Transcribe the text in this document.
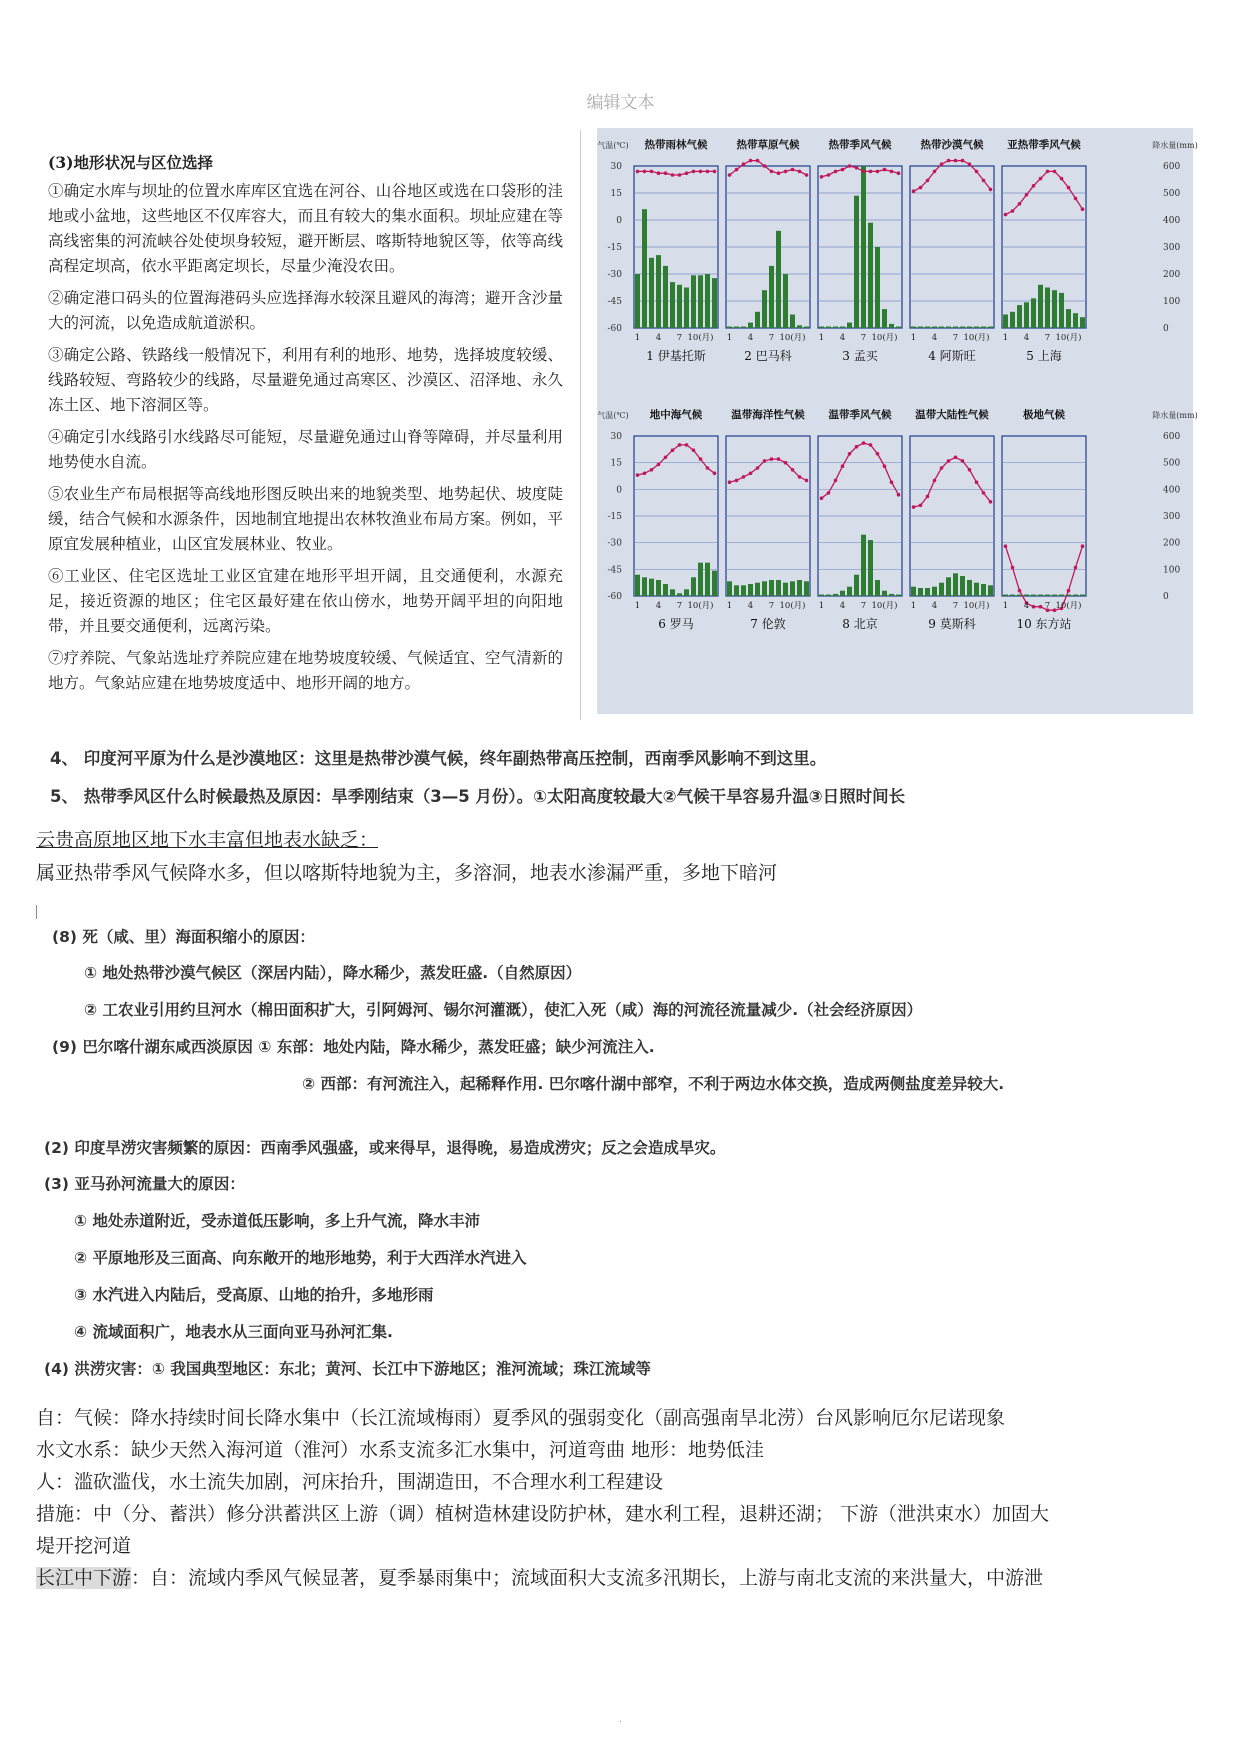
编辑文本
(3)地形状况与区位选择

①确定水库与坝址的位置水库库区宜选在河谷、山谷地区或选在口袋形的洼地或小盆地，这些地区不仅库容大，而且有较大的集水面积。坝址应建在等高线密集的河流峡谷处使坝身较短，避开断层、喀斯特地貌区等，依等高线高程定坝高，依水平距离定坝长，尽量少淹没农田。

②确定港口码头的位置海港码头应选择海水较深且避风的海湾；避开含沙量大的河流，以免造成航道淤积。

③确定公路、铁路线一般情况下，利用有利的地形、地势，选择坡度较缓、线路较短、弯路较少的线路，尽量避免通过高寒区、沙漠区、沼泽地、永久冻土区、地下溶洞区等。

④确定引水线路引水线路尽可能短，尽量避免通过山脊等障碍，并尽量利用地势使水自流。

⑤农业生产布局根据等高线地形图反映出来的地貌类型、地势起伏、坡度陡缓，结合气候和水源条件，因地制宜地提出农林牧渔业布局方案。例如，平原宜发展种植业，山区宜发展林业、牧业。

⑥工业区、住宅区选址工业区宜建在地形平坦开阔，且交通便利，水源充足，接近资源的地区；住宅区最好建在依山傍水，地势开阔平坦的向阳地带，并且要交通便利，远离污染。

⑦疗养院、气象站选址疗养院应建在地势坡度较缓、气候适宜、空气清新的地方。气象站应建在地势坡度适中、地形开阔的地方。

气温(℃)
30
15
0
-15
-30
-45
-60
降水量(mm)
600
500
400
300
200
100
0
热带雨林气候
1 4 7 10(月)
1 伊基托斯
热带草原气候
1 4 7 10(月)
2 巴马科
热带季风气候
1 4 7 10(月)
3 孟买
热带沙漠气候
1 4 7 10(月)
4 阿斯旺
亚热带季风气候
1 4 7 10(月)
5 上海
气温(℃)
30
15
0
-15
-30
-45
-60
降水量(mm)
600
500
400
300
200
100
0
地中海气候
1 4 7 10(月)
6 罗马
温带海洋性气候
1 4 7 10(月)
7 伦敦
温带季风气候
1 4 7 10(月)
8 北京
温带大陆性气候
1 4 7 10(月)
9 莫斯科
极地气候
1 4 7 10(月)
10 东方站
4、 印度河平原为什么是沙漠地区：这里是热带沙漠气候，终年副热带高压控制，西南季风影响不到这里。
5、 热带季风区什么时候最热及原因：旱季刚结束（3—5 月份）。①太阳高度较最大②气候干旱容易升温③日照时间长
云贵高原地区地下水丰富但地表水缺乏：
属亚热带季风气候降水多，但以喀斯特地貌为主，多溶洞，地表水渗漏严重，多地下暗河
(8) 死（咸、里）海面积缩小的原因：
① 地处热带沙漠气候区（深居内陆），降水稀少，蒸发旺盛.（自然原因）
② 工农业引用约旦河水（棉田面积扩大，引阿姆河、锡尔河灌溉），使汇入死（咸）海的河流径流量减少.（社会经济原因）
(9) 巴尔喀什湖东咸西淡原因 ① 东部：地处内陆，降水稀少，蒸发旺盛；缺少河流注入.
② 西部：有河流注入，起稀释作用. 巴尔喀什湖中部窄，不利于两边水体交换，造成两侧盐度差异较大.
(2) 印度旱涝灾害频繁的原因：西南季风强盛，或来得早，退得晚，易造成涝灾；反之会造成旱灾。
(3) 亚马孙河流量大的原因：
① 地处赤道附近，受赤道低压影响，多上升气流，降水丰沛
② 平原地形及三面高、向东敞开的地形地势，利于大西洋水汽进入
③ 水汽进入内陆后，受高原、山地的抬升，多地形雨
④ 流域面积广，地表水从三面向亚马孙河汇集.
(4) 洪涝灾害：① 我国典型地区：东北；黄河、长江中下游地区；淮河流域；珠江流域等
自：气候：降水持续时间长降水集中（长江流域梅雨）夏季风的强弱变化（副高强南旱北涝）台风影响厄尔尼诺现象
水文水系：缺少天然入海河道（淮河）水系支流多汇水集中，河道弯曲 地形：地势低洼
人：滥砍滥伐，水土流失加剧，河床抬升，围湖造田，不合理水利工程建设
措施：中（分、蓄洪）修分洪蓄洪区上游（调）植树造林建设防护林，建水利工程，退耕还湖； 下游（泄洪束水）加固大
堤开挖河道
长江中下游：自：流域内季风气候显著，夏季暴雨集中；流域面积大支流多汛期长，上游与南北支流的来洪量大，中游泄
.
